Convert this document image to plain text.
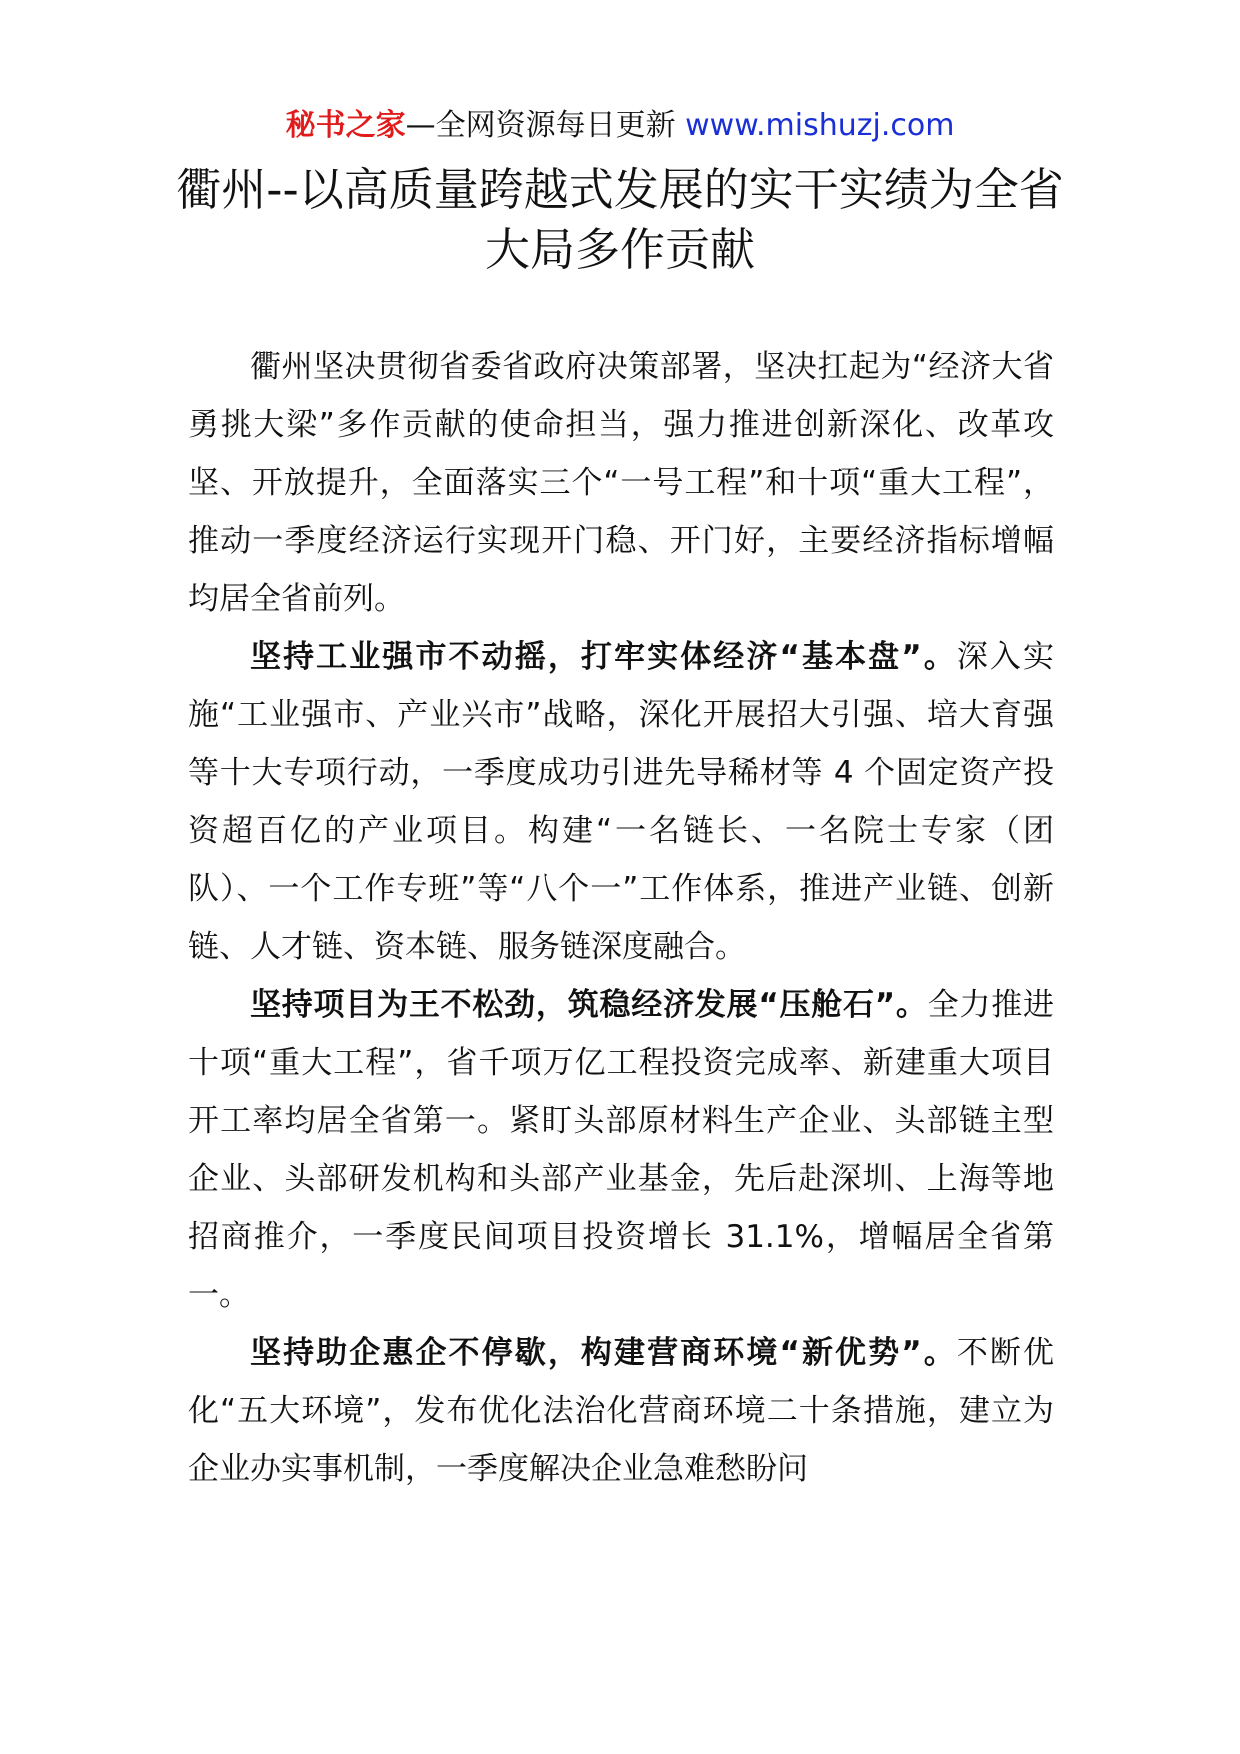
秘书之家—全网资源每日更新 www.mishuzj.com
衢州--以高质量跨越式发展的实干实绩为全省大局多作贡献

衢州坚决贯彻省委省政府决策部署，坚决扛起为“经济大省勇挑大梁”多作贡献的使命担当，强力推进创新深化、改革攻坚、开放提升，全面落实三个“一号工程”和十项“重大工程”，推动一季度经济运行实现开门稳、开门好，主要经济指标增幅均居全省前列。

坚持工业强市不动摇，打牢实体经济“基本盘”。深入实施“工业强市、产业兴市”战略，深化开展招大引强、培大育强等十大专项行动，一季度成功引进先导稀材等 4 个固定资产投资超百亿的产业项目。构建“一名链长、一名院士专家（团队）、一个工作专班”等“八个一”工作体系，推进产业链、创新链、人才链、资本链、服务链深度融合。

坚持项目为王不松劲，筑稳经济发展“压舱石”。全力推进十项“重大工程”，省千项万亿工程投资完成率、新建重大项目开工率均居全省第一。紧盯头部原材料生产企业、头部链主型企业、头部研发机构和头部产业基金，先后赴深圳、上海等地招商推介，一季度民间项目投资增长 31.1%，增幅居全省第一。

坚持助企惠企不停歇，构建营商环境“新优势”。不断优化“五大环境”，发布优化法治化营商环境二十条措施，建立为企业办实事机制，一季度解决企业急难愁盼问
